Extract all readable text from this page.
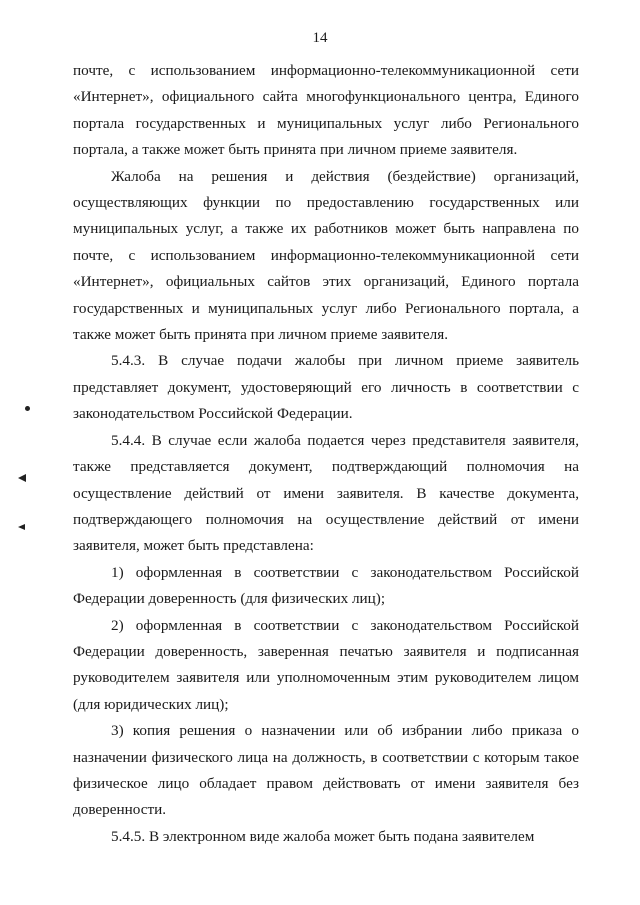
14

почте, с использованием информационно-телекоммуникационной сети «Интернет», официального сайта многофункционального центра, Единого портала государственных и муниципальных услуг либо Регионального портала, а также может быть принята при личном приеме заявителя.

Жалоба на решения и действия (бездействие) организаций, осуществляющих функции по предоставлению государственных или муниципальных услуг, а также их работников может быть направлена по почте, с использованием информационно-телекоммуникационной сети «Интернет», официальных сайтов этих организаций, Единого портала государственных и муниципальных услуг либо Регионального портала, а также может быть принята при личном приеме заявителя.

5.4.3. В случае подачи жалобы при личном приеме заявитель представляет документ, удостоверяющий его личность в соответствии с законодательством Российской Федерации.

5.4.4. В случае если жалоба подается через представителя заявителя, также представляется документ, подтверждающий полномочия на осуществление действий от имени заявителя. В качестве документа, подтверждающего полномочия на осуществление действий от имени заявителя, может быть представлена:

1) оформленная в соответствии с законодательством Российской Федерации доверенность (для физических лиц);

2) оформленная в соответствии с законодательством Российской Федерации доверенность, заверенная печатью заявителя и подписанная руководителем заявителя или уполномоченным этим руководителем лицом (для юридических лиц);

3) копия решения о назначении или об избрании либо приказа о назначении физического лица на должность, в соответствии с которым такое физическое лицо обладает правом действовать от имени заявителя без доверенности.

5.4.5. В электронном виде жалоба может быть подана заявителем
